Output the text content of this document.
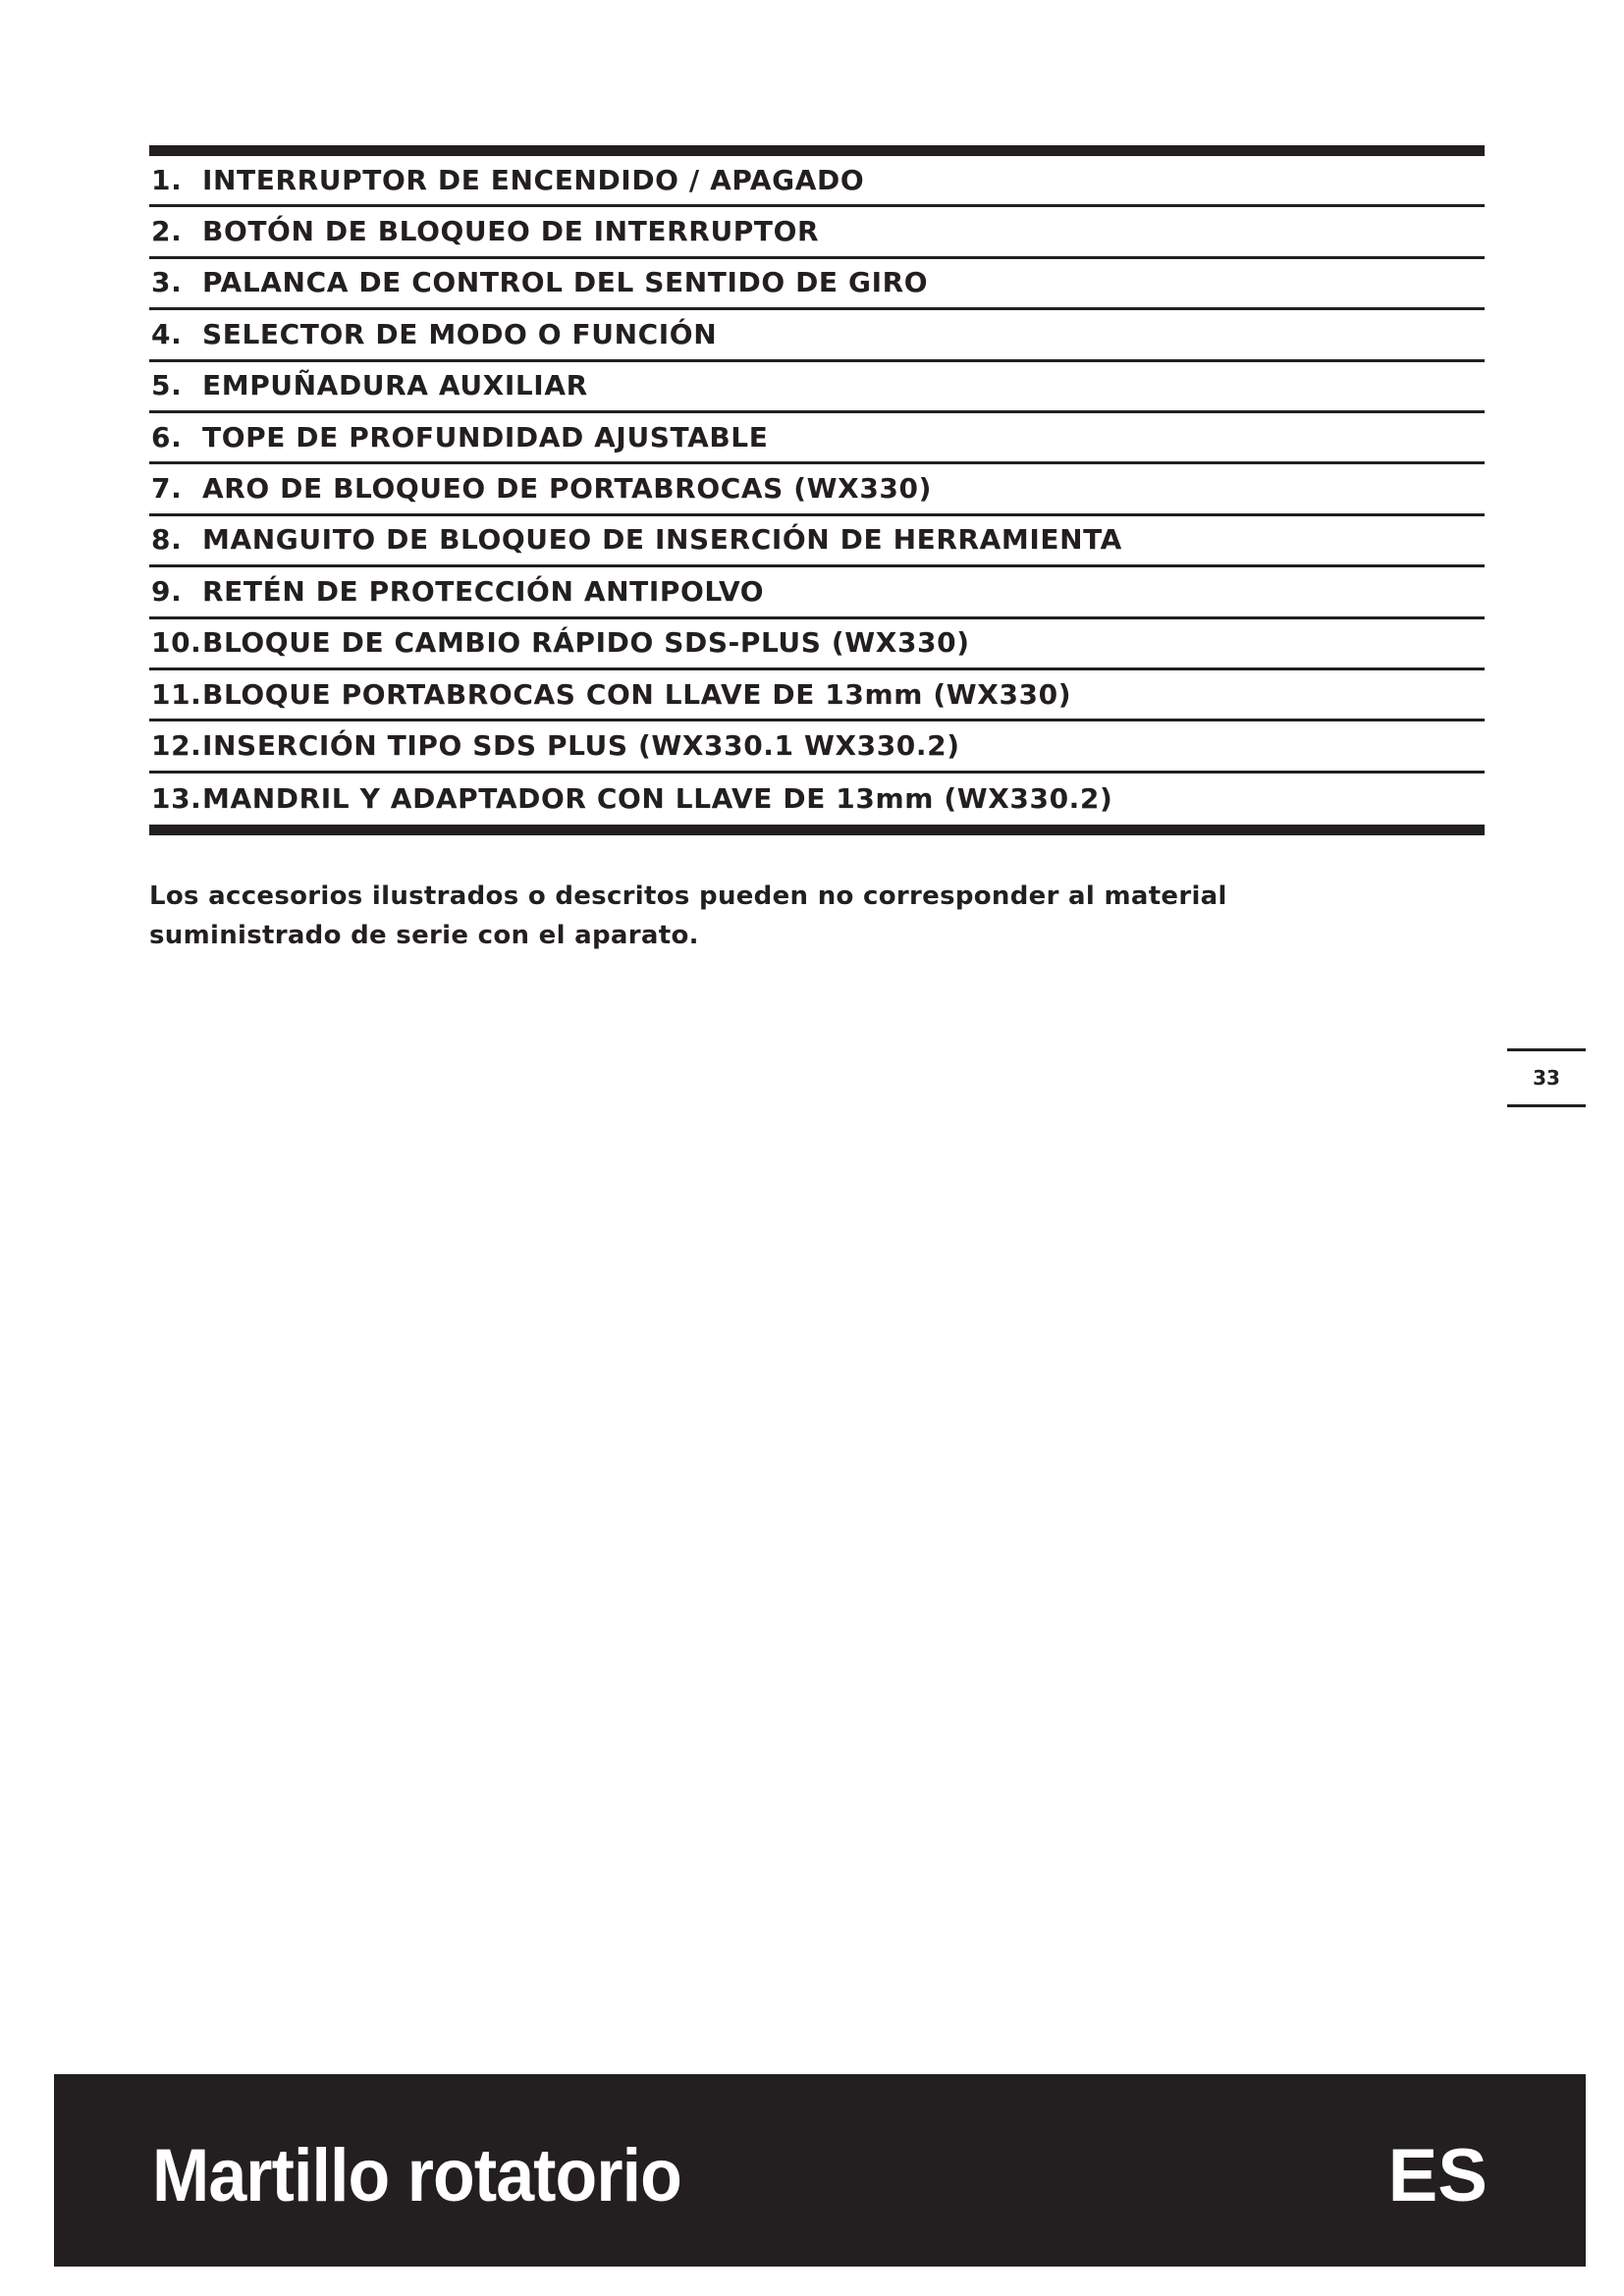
1. INTERRUPTOR DE ENCENDIDO / APAGADO
2. BOTÓN DE BLOQUEO DE INTERRUPTOR
3. PALANCA DE CONTROL DEL SENTIDO DE GIRO
4. SELECTOR DE MODO O FUNCIÓN
5. EMPUÑADURA AUXILIAR
6. TOPE DE PROFUNDIDAD AJUSTABLE
7. ARO DE BLOQUEO DE PORTABROCAS (WX330)
8. MANGUITO DE BLOQUEO DE INSERCIÓN DE HERRAMIENTA
9. RETÉN DE PROTECCIÓN ANTIPOLVO
10. BLOQUE DE CAMBIO RÁPIDO SDS-PLUS (WX330)
11. BLOQUE PORTABROCAS CON LLAVE DE 13mm (WX330)
12. INSERCIÓN TIPO SDS PLUS (WX330.1 WX330.2)
13. MANDRIL Y ADAPTADOR CON LLAVE DE 13mm (WX330.2)
Los accesorios ilustrados o descritos pueden no corresponder al material
suministrado de serie con el aparato.
33
Martillo rotatorio	ES
